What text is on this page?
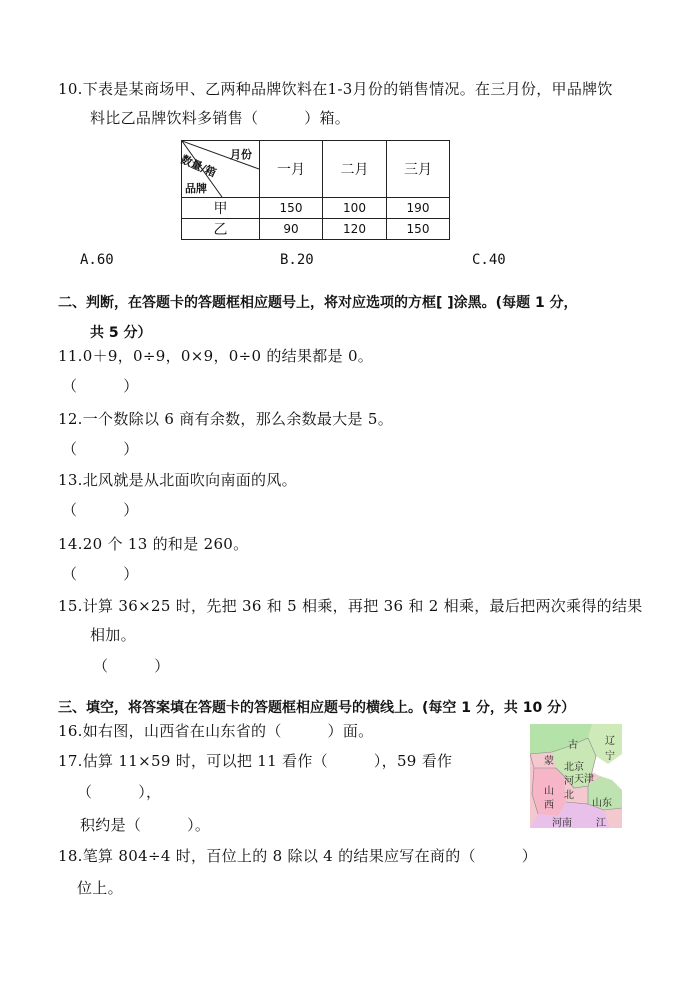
10.下表是某商场甲、乙两种品牌饮料在1-3月份的销售情况。在三月份，甲品牌饮
料比乙品牌饮料多销售（　　　）箱。
月份
数量/箱
品牌	一月	二月	三月
甲	150	100	190
乙	90	120	150
A.60	B.20	C.40
二、判断，在答题卡的答题框相应题号上，将对应选项的方框[ ]涂黑。(每题 1 分，
共 5 分）
11.0＋9，0÷9，0×9，0÷0 的结果都是 0。
（　　　）
12.一个数除以 6 商有余数，那么余数最大是 5。
（　　　）
13.北风就是从北面吹向南面的风。
（　　　）
14.20 个 13 的和是 260。
（　　　）
15.计算 36×25 时，先把 36 和 5 相乘，再把 36 和 2 相乘，最后把两次乘得的结果
相加。
（　　　）
三、填空，将答案填在答题卡的答题框相应题号的横线上。(每空 1 分，共 10 分）
16.如右图，山西省在山东省的（　　　）面。
17.估算 11×59 时，可以把 11 看作（　　　），59 看作
（　　　），
积约是（　　　）。
18.笔算 804÷4 时，百位上的 8 除以 4 的结果应写在商的（　　　）
位上。
古	辽宁
蒙
北京
天津
河
山 北
西	山东
河南 江
